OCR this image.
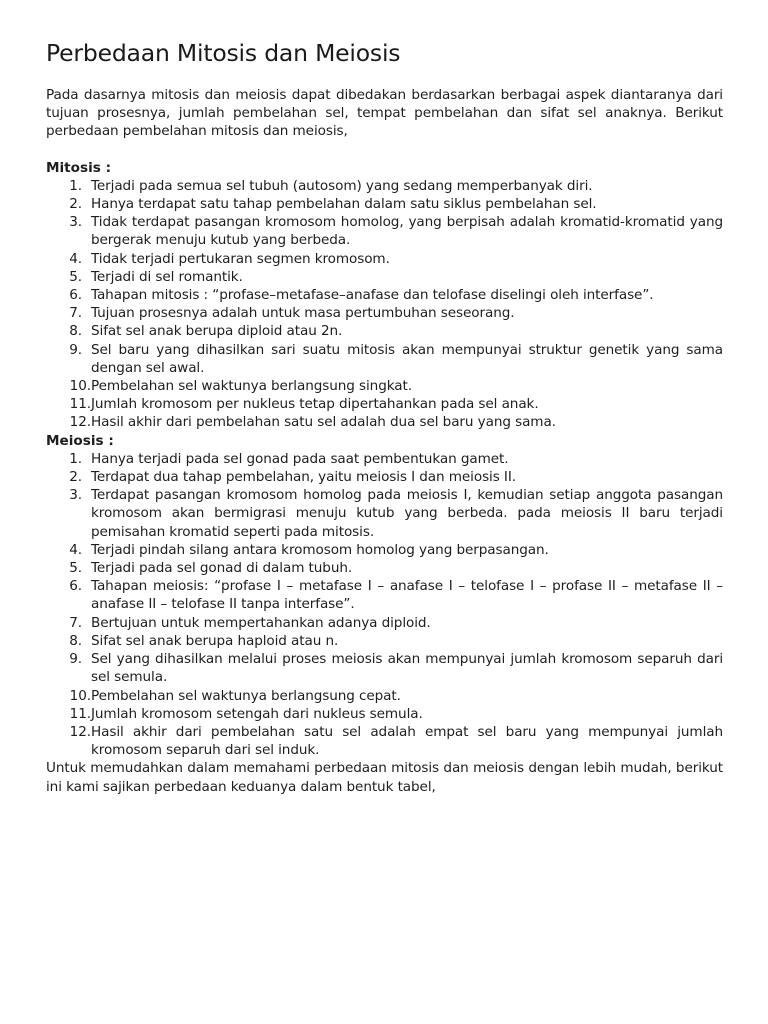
Perbedaan Mitosis dan Meiosis

Pada dasarnya mitosis dan meiosis dapat dibedakan berdasarkan berbagai aspek diantaranya dari tujuan prosesnya, jumlah pembelahan sel, tempat pembelahan dan sifat sel anaknya. Berikut perbedaan pembelahan mitosis dan meiosis,

Mitosis :
1. Terjadi pada semua sel tubuh (autosom) yang sedang memperbanyak diri.
2. Hanya terdapat satu tahap pembelahan dalam satu siklus pembelahan sel.
3. Tidak terdapat pasangan kromosom homolog, yang berpisah adalah kromatid-kromatid yang bergerak menuju kutub yang berbeda.
4. Tidak terjadi pertukaran segmen kromosom.
5. Terjadi di sel romantik.
6. Tahapan mitosis : “profase–metafase–anafase dan telofase diselingi oleh interfase”.
7. Tujuan prosesnya adalah untuk masa pertumbuhan seseorang.
8. Sifat sel anak berupa diploid atau 2n.
9. Sel baru yang dihasilkan sari suatu mitosis akan mempunyai struktur genetik yang sama dengan sel awal.
10. Pembelahan sel waktunya berlangsung singkat.
11. Jumlah kromosom per nukleus tetap dipertahankan pada sel anak.
12. Hasil akhir dari pembelahan satu sel adalah dua sel baru yang sama.
Meiosis :
1. Hanya terjadi pada sel gonad pada saat pembentukan gamet.
2. Terdapat dua tahap pembelahan, yaitu meiosis I dan meiosis II.
3. Terdapat pasangan kromosom homolog pada meiosis I, kemudian setiap anggota pasangan kromosom akan bermigrasi menuju kutub yang berbeda. pada meiosis II baru terjadi pemisahan kromatid seperti pada mitosis.
4. Terjadi pindah silang antara kromosom homolog yang berpasangan.
5. Terjadi pada sel gonad di dalam tubuh.
6. Tahapan meiosis: “profase I – metafase I – anafase I – telofase I – profase II – metafase II – anafase II – telofase II tanpa interfase”.
7. Bertujuan untuk mempertahankan adanya diploid.
8. Sifat sel anak berupa haploid atau n.
9. Sel yang dihasilkan melalui proses meiosis akan mempunyai jumlah kromosom separuh dari sel semula.
10. Pembelahan sel waktunya berlangsung cepat.
11. Jumlah kromosom setengah dari nukleus semula.
12. Hasil akhir dari pembelahan satu sel adalah empat sel baru yang mempunyai jumlah kromosom separuh dari sel induk.

Untuk memudahkan dalam memahami perbedaan mitosis dan meiosis dengan lebih mudah, berikut ini kami sajikan perbedaan keduanya dalam bentuk tabel,
